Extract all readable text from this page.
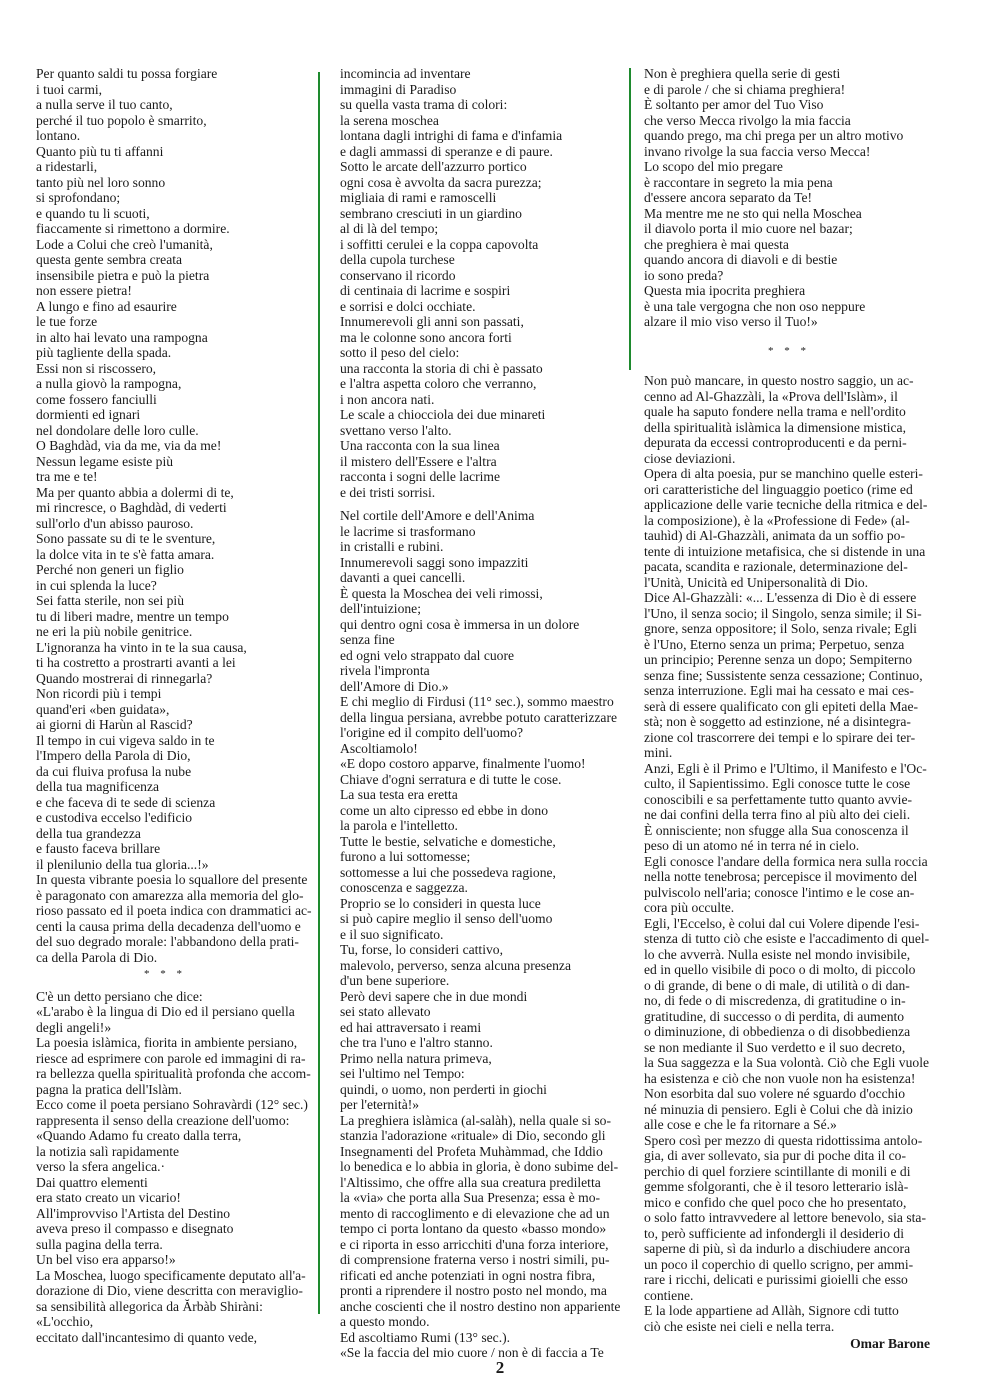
Per quanto saldi tu possa forgiare
i tuoi carmi,
a nulla serve il tuo canto,
perché il tuo popolo è smarrito,
lontano.
Quanto più tu ti affanni
a ridestarli,
tanto più nel loro sonno
si sprofondano;
e quando tu li scuoti,
fiaccamente si rimettono a dormire.
Lode a Colui che creò l'umanità,
questa gente sembra creata
insensibile pietra e può la pietra
non essere pietra!
A lungo e fino ad esaurire
le tue forze
in alto hai levato una rampogna
più tagliente della spada.
Essi non si riscossero,
a nulla giovò la rampogna,
come fossero fanciulli
dormienti ed ignari
nel dondolare delle loro culle.
O Baghdàd, via da me, via da me!
Nessun legame esiste più
tra me e te!
Ma per quanto abbia a dolermi di te,
mi rincresce, o Baghdàd, di vederti
sull'orlo d'un abisso pauroso.
Sono passate su di te le sventure,
la dolce vita in te s'è fatta amara.
Perché non generi un figlio
in cui splenda la luce?
Sei fatta sterile, non sei più
tu di liberi madre, mentre un tempo
ne eri la più nobile genitrice.
L'ignoranza ha vinto in te la sua causa,
ti ha costretto a prostrarti avanti a lei
Quando mostrerai di rinnegarla?
Non ricordi più i tempi
quand'eri «ben guidata»,
ai giorni di Harùn al Rascid?
Il tempo in cui vigeva saldo in te
l'Impero della Parola di Dio,
da cui fluiva profusa la nube
della tua magnificenza
e che faceva di te sede di scienza
e custodiva eccelso l'edificio
della tua grandezza
e fausto faceva brillare
il plenilunio della tua gloria...!»
In questa vibrante poesia lo squallore del presente
è paragonato con amarezza alla memoria del glo-
rioso passato ed il poeta indica con drammatici ac-
centi la causa prima della decadenza dell'uomo e
del suo degrado morale: l'abbandono della prati-
ca della Parola di Dio.
* * *
C'è un detto persiano che dice:
«L'arabo è la lingua di Dio ed il persiano quella
degli angeli!»
La poesia islàmica, fiorita in ambiente persiano,
riesce ad esprimere con parole ed immagini di ra-
ra bellezza quella spiritualità profonda che accom-
pagna la pratica dell'Islàm.
Ecco come il poeta persiano Sohravàrdi (12° sec.)
rappresenta il senso della creazione dell'uomo:
«Quando Adamo fu creato dalla terra,
la notizia salì rapidamente
verso la sfera angelica.·
Dai quattro elementi
era stato creato un vicario!
All'improvviso l'Artista del Destino
aveva preso il compasso e disegnato
sulla pagina della terra.
Un bel viso era apparso!»
La Moschea, luogo specificamente deputato all'a-
dorazione di Dio, viene descritta con meraviglio-
sa sensibilità allegorica da Ărbàb Shiràni:
«L'occhio,
eccitato dall'incantesimo di quanto vede,
incomincia ad inventare
immagini di Paradiso
su quella vasta trama di colori:
la serena moschea
lontana dagli intrighi di fama e d'infamia
e dagli ammassi di speranze e di paure.
Sotto le arcate dell'azzurro portico
ogni cosa è avvolta da sacra purezza;
migliaia di rami e ramoscelli
sembrano cresciuti in un giardino
al di là del tempo;
i soffitti cerulei e la coppa capovolta
della cupola turchese
conservano il ricordo
di centinaia di lacrime e sospiri
e sorrisi e dolci occhiate.
Innumerevoli gli anni son passati,
ma le colonne sono ancora forti
sotto il peso del cielo:
una racconta la storia di chi è passato
e l'altra aspetta coloro che verranno,
i non ancora nati.
Le scale a chiocciola dei due minareti
svettano verso l'alto.
Una racconta con la sua linea
il mistero dell'Essere e l'altra
racconta i sogni delle lacrime
e dei tristi sorrisi.
Nel cortile dell'Amore e dell'Anima
le lacrime si trasformano
in cristalli e rubini.
Innumerevoli saggi sono impazziti
davanti a quei cancelli.
È questa la Moschea dei veli rimossi,
dell'intuizione;
qui dentro ogni cosa è immersa in un dolore
senza fine
ed ogni velo strappato dal cuore
rivela l'impronta
dell'Amore di Dio.»
E chi meglio di Firdusi (11° sec.), sommo maestro
della lingua persiana, avrebbe potuto caratterizzare
l'origine ed il compito dell'uomo?
Ascoltiamolo!
«E dopo costoro apparve, finalmente l'uomo!
Chiave d'ogni serratura e di tutte le cose.
La sua testa era eretta
come un alto cipresso ed ebbe in dono
la parola e l'intelletto.
Tutte le bestie, selvatiche e domestiche,
furono a lui sottomesse;
sottomesse a lui che possedeva ragione,
conoscenza e saggezza.
Proprio se lo consideri in questa luce
si può capire meglio il senso dell'uomo
e il suo significato.
Tu, forse, lo consideri cattivo,
malevolo, perverso, senza alcuna presenza
d'un bene superiore.
Però devi sapere che in due mondi
sei stato allevato
ed hai attraversato i reami
che tra l'uno e l'altro stanno.
Primo nella natura primeva,
sei l'ultimo nel Tempo:
quindi, o uomo, non perderti in giochi
per l'eternità!»
La preghiera islàmica (al-salàh), nella quale si so-
stanzia l'adorazione «rituale» di Dio, secondo gli
Insegnamenti del Profeta Muhàmmad, che Iddio
lo benedica e lo abbia in gloria, è dono subime del-
l'Altissimo, che offre alla sua creatura prediletta
la «via» che porta alla Sua Presenza; essa è mo-
mento di raccoglimento e di elevazione che ad un
tempo ci porta lontano da questo «basso mondo»
e ci riporta in esso arricchiti d'una forza interiore,
di comprensione fraterna verso i nostri simili, pu-
rificati ed anche potenziati in ogni nostra fibra,
pronti a riprendere il nostro posto nel mondo, ma
anche coscienti che il nostro destino non appariente
a questo mondo.
Ed ascoltiamo Rumi (13° sec.).
«Se la faccia del mio cuore / non è di faccia a Te
Non è preghiera quella serie di gesti
e di parole / che si chiama preghiera!
È soltanto per amor del Tuo Viso
che verso Mecca rivolgo la mia faccia
quando prego, ma chi prega per un altro motivo
invano rivolge la sua faccia verso Mecca!
Lo scopo del mio pregare
è raccontare in segreto la mia pena
d'essere ancora separato da Te!
Ma mentre me ne sto qui nella Moschea
il diavolo porta il mio cuore nel bazar;
che preghiera è mai questa
quando ancora di diavoli e di bestie
io sono preda?
Questa mia ipocrita preghiera
è una tale vergogna che non oso neppure
alzare il mio viso verso il Tuo!»
* * *
Non può mancare, in questo nostro saggio, un ac-
cenno ad Al-Ghazzàli, la «Prova dell'Islàm», il
quale ha saputo fondere nella trama e nell'ordito
della spiritualità islàmica la dimensione mistica,
depurata da eccessi controproducenti e da perni-
ciose deviazioni.
Opera di alta poesia, pur se manchino quelle esteri-
ori caratteristiche del linguaggio poetico (rime ed
applicazione delle varie tecniche della ritmica e del-
la composizione), è la «Professione di Fede» (al-
tauhìd) di Al-Ghazzàli, animata da un soffio po-
tente di intuizione metafisica, che si distende in una
pacata, scandita e razionale, determinazione del-
l'Unità, Unicità ed Unipersonalità di Dio.
Dice Al-Ghazzàli: «... L'essenza di Dio è di essere
l'Uno, il senza socio; il Singolo, senza simile; il Si-
gnore, senza oppositore; il Solo, senza rivale; Egli
è l'Uno, Eterno senza un prima; Perpetuo, senza
un principio; Perenne senza un dopo; Sempiterno
senza fine; Sussistente senza cessazione; Continuo,
senza interruzione. Egli mai ha cessato e mai ces-
serà di essere qualificato con gli epiteti della Mae-
stà; non è soggetto ad estinzione, né a disintegra-
zione col trascorrere dei tempi e lo spirare dei ter-
mini.
Anzi, Egli è il Primo e l'Ultimo, il Manifesto e l'Oc-
culto, il Sapientissimo. Egli conosce tutte le cose
conoscibili e sa perfettamente tutto quanto avvie-
ne dai confini della terra fino al più alto dei cieli.
È onnisciente; non sfugge alla Sua conoscenza il
peso di un atomo né in terra né in cielo.
Egli conosce l'andare della formica nera sulla roccia
nella notte tenebrosa; percepisce il movimento del
pulviscolo nell'aria; conosce l'intimo e le cose an-
cora più occulte.
Egli, l'Eccelso, è colui dal cui Volere dipende l'esi-
stenza di tutto ciò che esiste e l'accadimento di quel-
lo che avverrà. Nulla esiste nel mondo invisibile,
ed in quello visibile di poco o di molto, di piccolo
o di grande, di bene o di male, di utilità o di dan-
no, di fede o di miscredenza, di gratitudine o in-
gratitudine, di successo o di perdita, di aumento
o diminuzione, di obbedienza o di disobbedienza
se non mediante il Suo verdetto e il suo decreto,
la Sua saggezza e la Sua volontà. Ciò che Egli vuole
ha esistenza e ciò che non vuole non ha esistenza!
Non esorbita dal suo volere né sguardo d'occhio
né minuzia di pensiero. Egli è Colui che dà inizio
alle cose e che le fa ritornare a Sé.»
Spero così per mezzo di questa ridottissima antolo-
gia, di aver sollevato, sia pur di poche dita il co-
perchio di quel forziere scintillante di monili e di
gemme sfolgoranti, che è il tesoro letterario islà-
mico e confido che quel poco che ho presentato,
o solo fatto intravvedere al lettore benevolo, sia sta-
to, però sufficiente ad infondergli il desiderio di
saperne di più, sì da indurlo a dischiudere ancora
un poco il coperchio di quello scrigno, per ammi-
rare i ricchi, delicati e purissimi gioielli che esso
contiene.
E la lode appartiene ad Allàh, Signore cdi tutto
ciò che esiste nei cieli e nella terra.
Omar Barone
2
